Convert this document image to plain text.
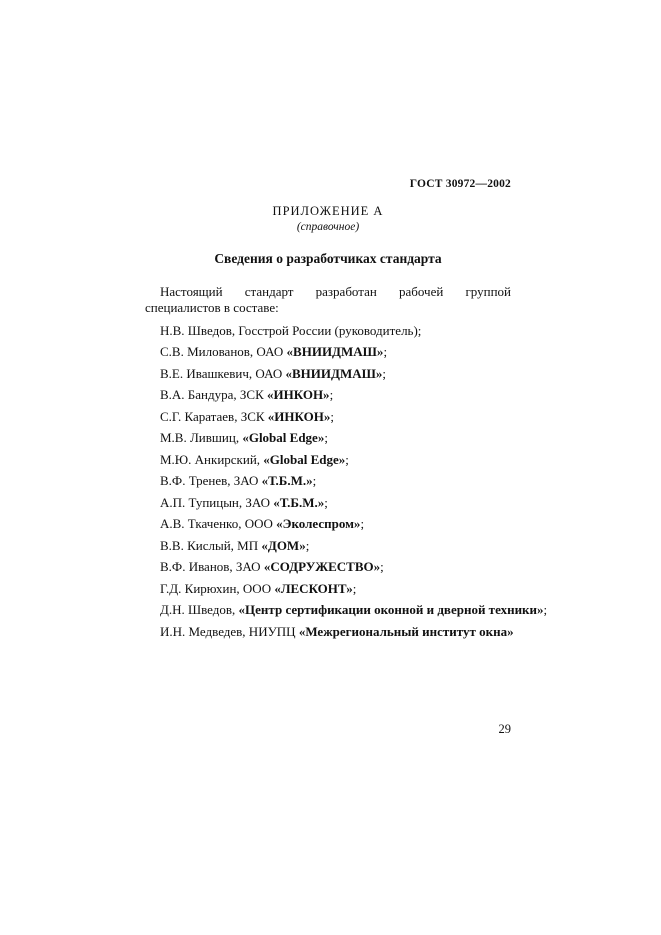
ГОСТ 30972—2002
ПРИЛОЖЕНИЕ А
(справочное)
Сведения о разработчиках стандарта
Настоящий стандарт разработан рабочей группой специалистов в составе:
Н.В. Шведов, Госстрой России (руководитель);
С.В. Милованов, ОАО «ВНИИДМАШ»;
В.Е. Ивашкевич, ОАО «ВНИИДМАШ»;
В.А. Бандура, ЗСК «ИНКОН»;
С.Г. Каратаев, ЗСК «ИНКОН»;
М.В. Лившиц, «Global Edge»;
М.Ю. Анкирский, «Global Edge»;
В.Ф. Тренев, ЗАО «Т.Б.М.»;
А.П. Тупицын, ЗАО «Т.Б.М.»;
А.В. Ткаченко, ООО «Эколеспром»;
В.В. Кислый, МП «ДОМ»;
В.Ф. Иванов, ЗАО «СОДРУЖЕСТВО»;
Г.Д. Кирюхин, ООО «ЛЕСКОНТ»;
Д.Н. Шведов, «Центр сертификации оконной и дверной техники»;
И.Н. Медведев, НИУПЦ «Межрегиональный институт окна»
29
